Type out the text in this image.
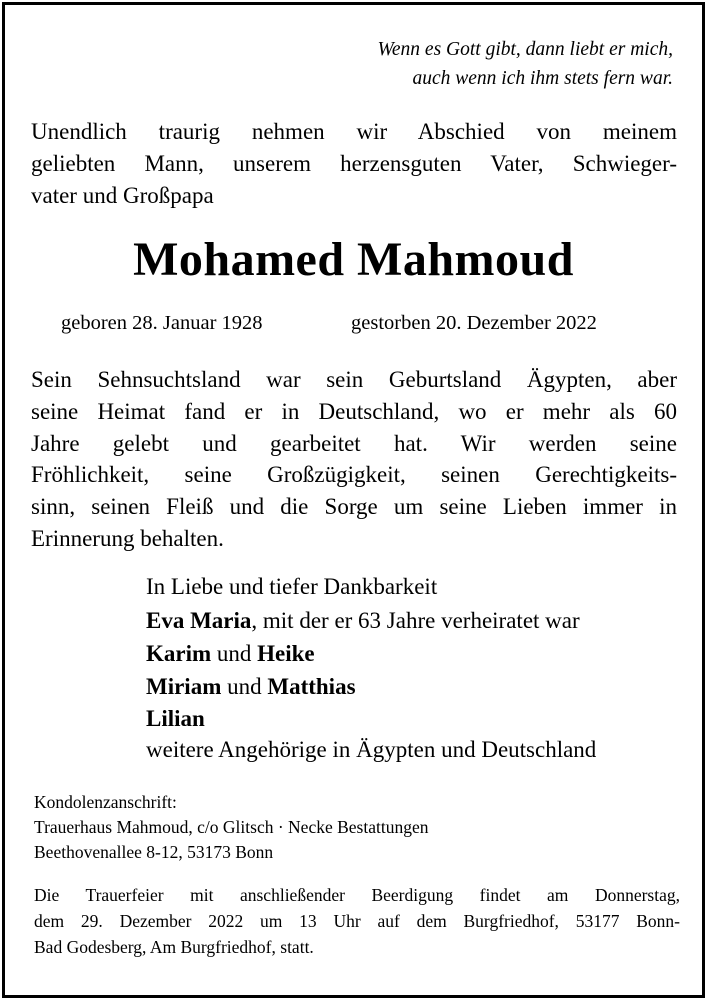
Wenn es Gott gibt, dann liebt er mich,
auch wenn ich ihm stets fern war.
Unendlich traurig nehmen wir Abschied von meinem
geliebten Mann, unserem herzensguten Vater, Schwieger-
vater und Großpapa
Mohamed Mahmoud
geboren 28. Januar 1928	gestorben 20. Dezember 2022
Sein Sehnsuchtsland war sein Geburtsland Ägypten, aber
seine Heimat fand er in Deutschland, wo er mehr als 60
Jahre gelebt und gearbeitet hat. Wir werden seine
Fröhlichkeit, seine Großzügigkeit, seinen Gerechtigkeits-
sinn, seinen Fleiß und die Sorge um seine Lieben immer in
Erinnerung behalten.
In Liebe und tiefer Dankbarkeit
Eva Maria, mit der er 63 Jahre verheiratet war
Karim und Heike
Miriam und Matthias
Lilian
weitere Angehörige in Ägypten und Deutschland
Kondolenzanschrift:
Trauerhaus Mahmoud, c/o Glitsch · Necke Bestattungen
Beethovenallee 8-12, 53173 Bonn
Die Trauerfeier mit anschließender Beerdigung findet am Donnerstag,
dem 29. Dezember 2022 um 13 Uhr auf dem Burgfriedhof, 53177 Bonn-
Bad Godesberg, Am Burgfriedhof, statt.
